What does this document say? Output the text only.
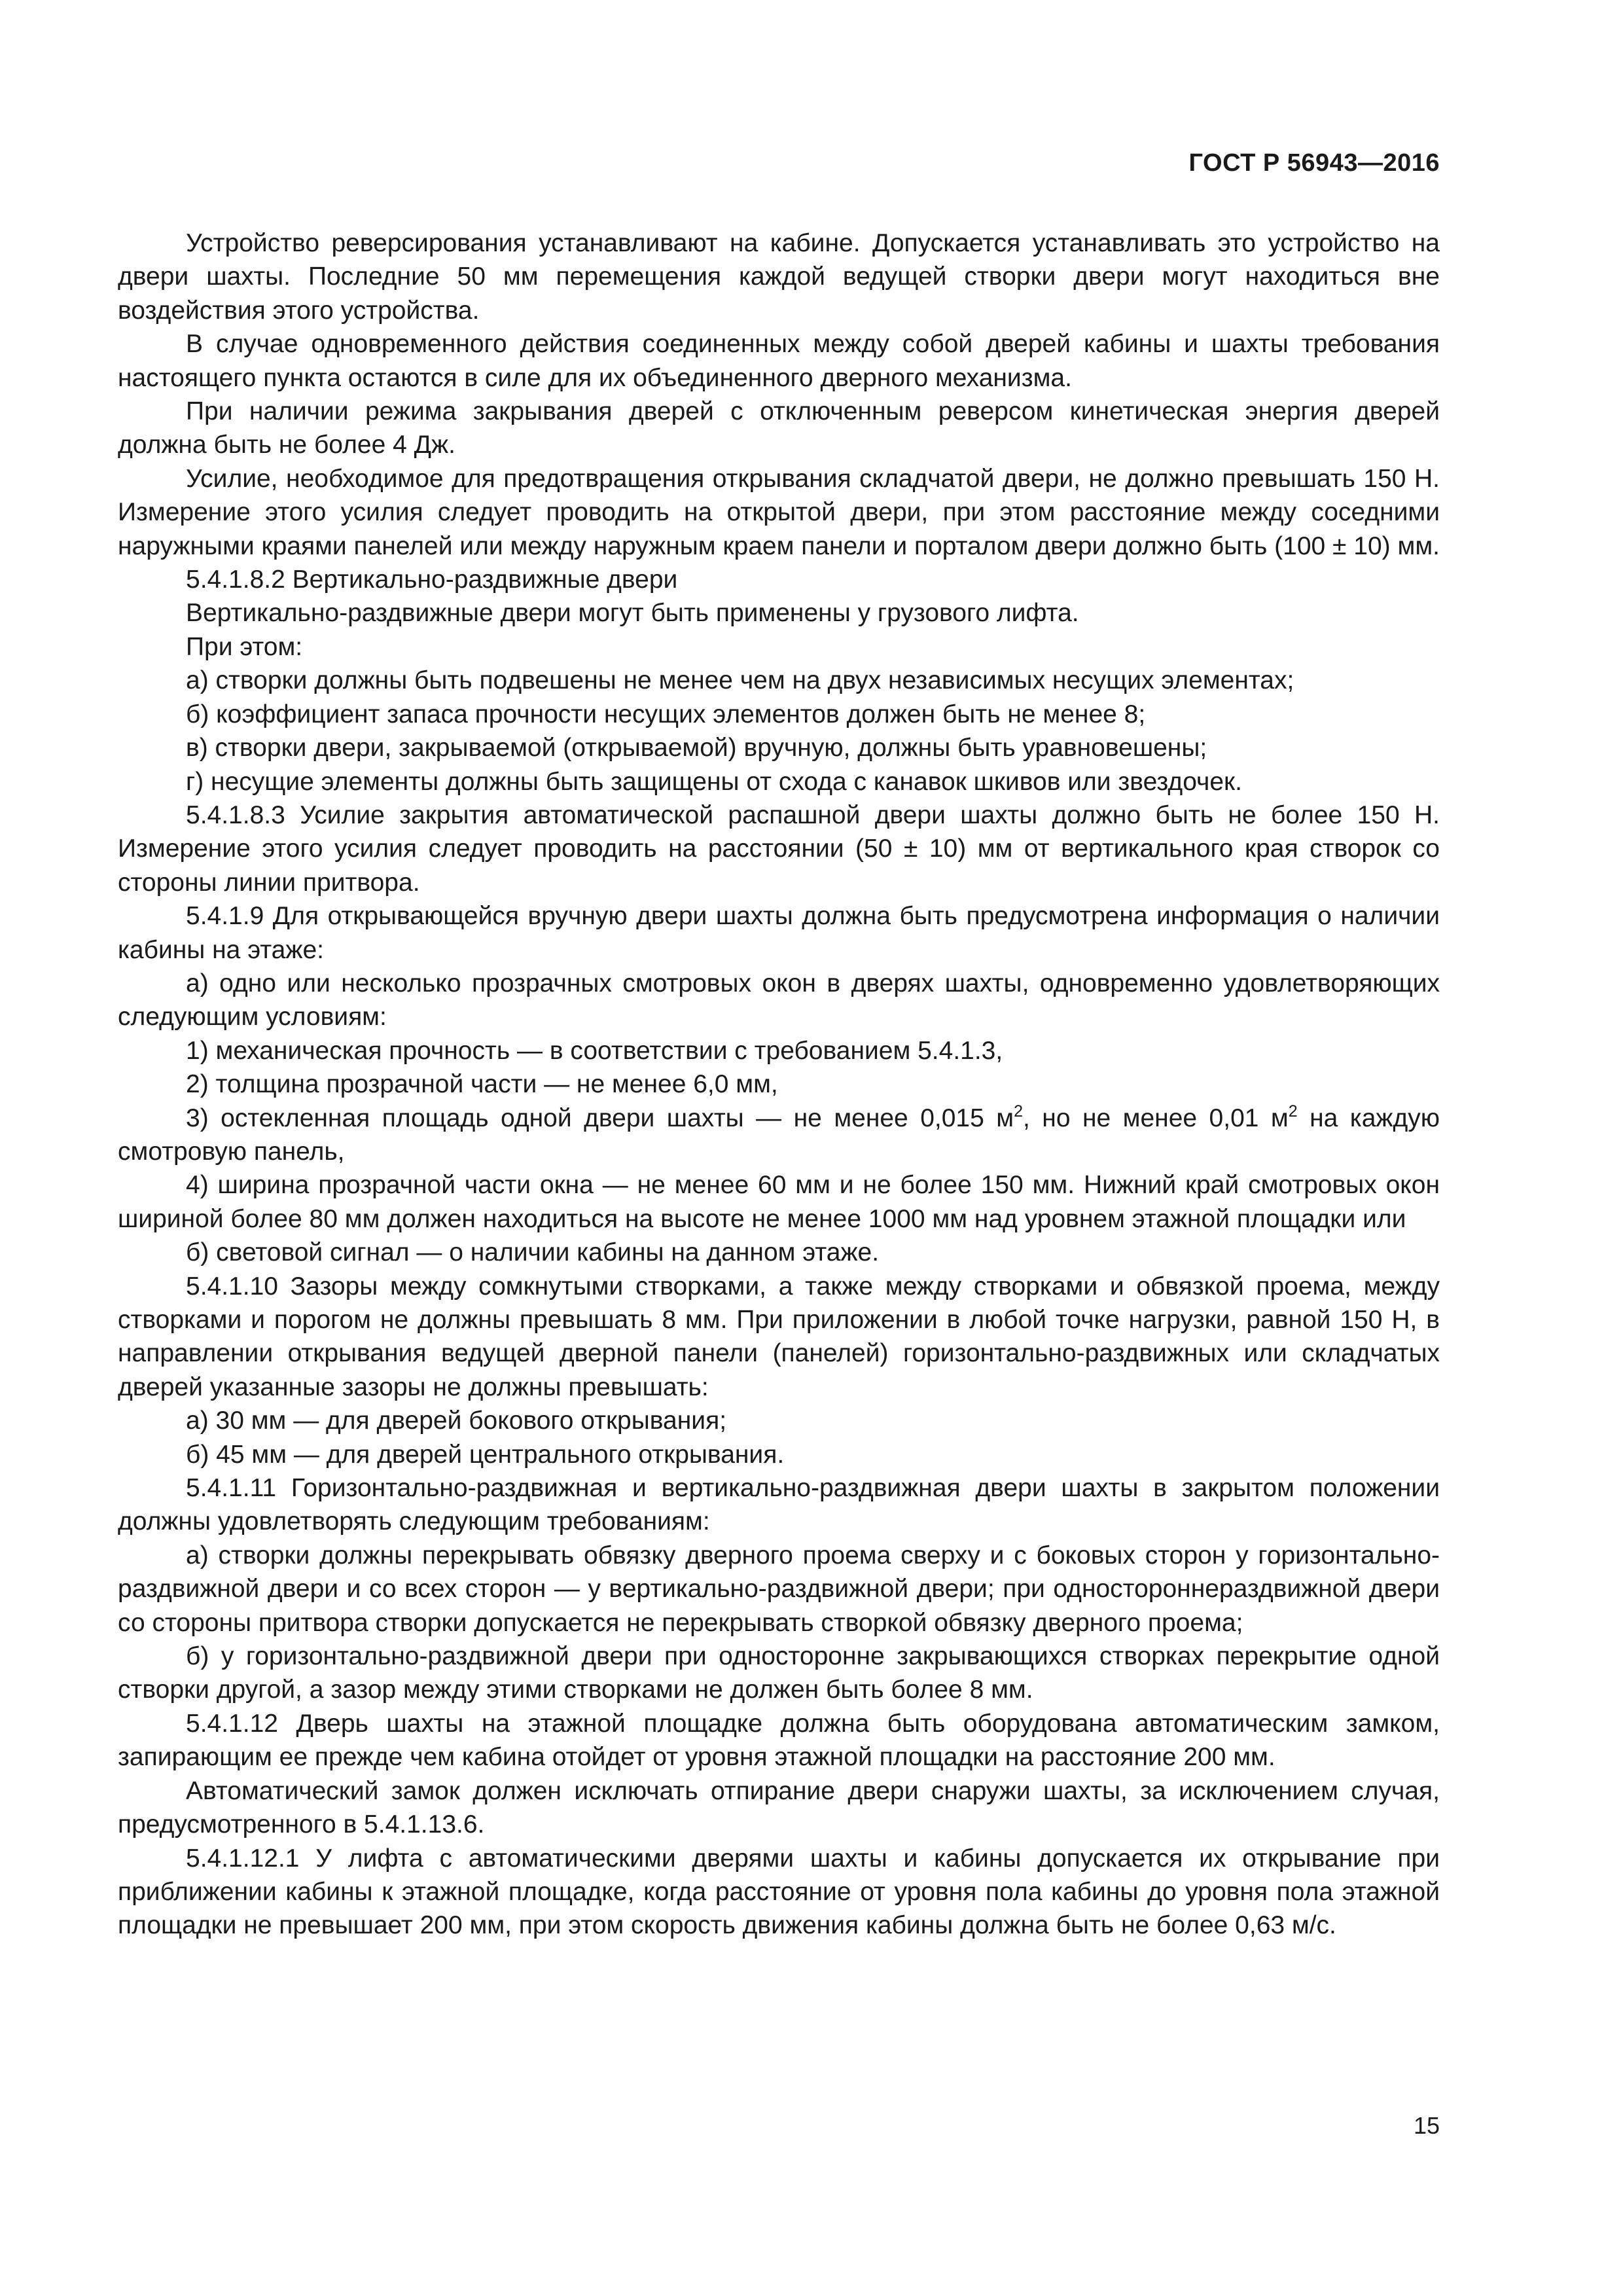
ГОСТ Р 56943—2016

Устройство реверсирования устанавливают на кабине. Допускается устанавливать это устройство на двери шахты. Последние 50 мм перемещения каждой ведущей створки двери могут находиться вне воздействия этого устройства.

В случае одновременного действия соединенных между собой дверей кабины и шахты требования настоящего пункта остаются в силе для их объединенного дверного механизма.

При наличии режима закрывания дверей с отключенным реверсом кинетическая энергия дверей должна быть не более 4 Дж.

Усилие, необходимое для предотвращения открывания складчатой двери, не должно превышать 150 Н. Измерение этого усилия следует проводить на открытой двери, при этом расстояние между соседними наружными краями панелей или между наружным краем панели и порталом двери должно быть (100 ± 10) мм.

5.4.1.8.2 Вертикально-раздвижные двери

Вертикально-раздвижные двери могут быть применены у грузового лифта.

При этом:

а) створки должны быть подвешены не менее чем на двух независимых несущих элементах;

б) коэффициент запаса прочности несущих элементов должен быть не менее 8;

в) створки двери, закрываемой (открываемой) вручную, должны быть уравновешены;

г) несущие элементы должны быть защищены от схода с канавок шкивов или звездочек.

5.4.1.8.3 Усилие закрытия автоматической распашной двери шахты должно быть не более 150 Н. Измерение этого усилия следует проводить на расстоянии (50 ± 10) мм от вертикального края створок со стороны линии притвора.

5.4.1.9 Для открывающейся вручную двери шахты должна быть предусмотрена информация о наличии кабины на этаже:

а) одно или несколько прозрачных смотровых окон в дверях шахты, одновременно удовлетворяющих следующим условиям:

1) механическая прочность — в соответствии с требованием 5.4.1.3,

2) толщина прозрачной части — не менее 6,0 мм,

3) остекленная площадь одной двери шахты — не менее 0,015 $м^2$, но не менее 0,01 $м^2$ на каждую смотровую панель,

4) ширина прозрачной части окна — не менее 60 мм и не более 150 мм. Нижний край смотровых окон шириной более 80 мм должен находиться на высоте не менее 1000 мм над уровнем этажной площадки или

б) световой сигнал — о наличии кабины на данном этаже.

5.4.1.10 Зазоры между сомкнутыми створками, а также между створками и обвязкой проема, между створками и порогом не должны превышать 8 мм. При приложении в любой точке нагрузки, равной 150 Н, в направлении открывания ведущей дверной панели (панелей) горизонтально-раздвижных или складчатых дверей указанные зазоры не должны превышать:

а) 30 мм — для дверей бокового открывания;

б) 45 мм — для дверей центрального открывания.

5.4.1.11 Горизонтально-раздвижная и вертикально-раздвижная двери шахты в закрытом положении должны удовлетворять следующим требованиям:

а) створки должны перекрывать обвязку дверного проема сверху и с боковых сторон у горизонтально-раздвижной двери и со всех сторон — у вертикально-раздвижной двери; при одностороннераздвижной двери со стороны притвора створки допускается не перекрывать створкой обвязку дверного проема;

б) у горизонтально-раздвижной двери при односторонне закрывающихся створках перекрытие одной створки другой, а зазор между этими створками не должен быть более 8 мм.

5.4.1.12 Дверь шахты на этажной площадке должна быть оборудована автоматическим замком, запирающим ее прежде чем кабина отойдет от уровня этажной площадки на расстояние 200 мм.

Автоматический замок должен исключать отпирание двери снаружи шахты, за исключением случая, предусмотренного в 5.4.1.13.6.

5.4.1.12.1 У лифта с автоматическими дверями шахты и кабины допускается их открывание при приближении кабины к этажной площадке, когда расстояние от уровня пола кабины до уровня пола этажной площадки не превышает 200 мм, при этом скорость движения кабины должна быть не более 0,63 м/с.

15
